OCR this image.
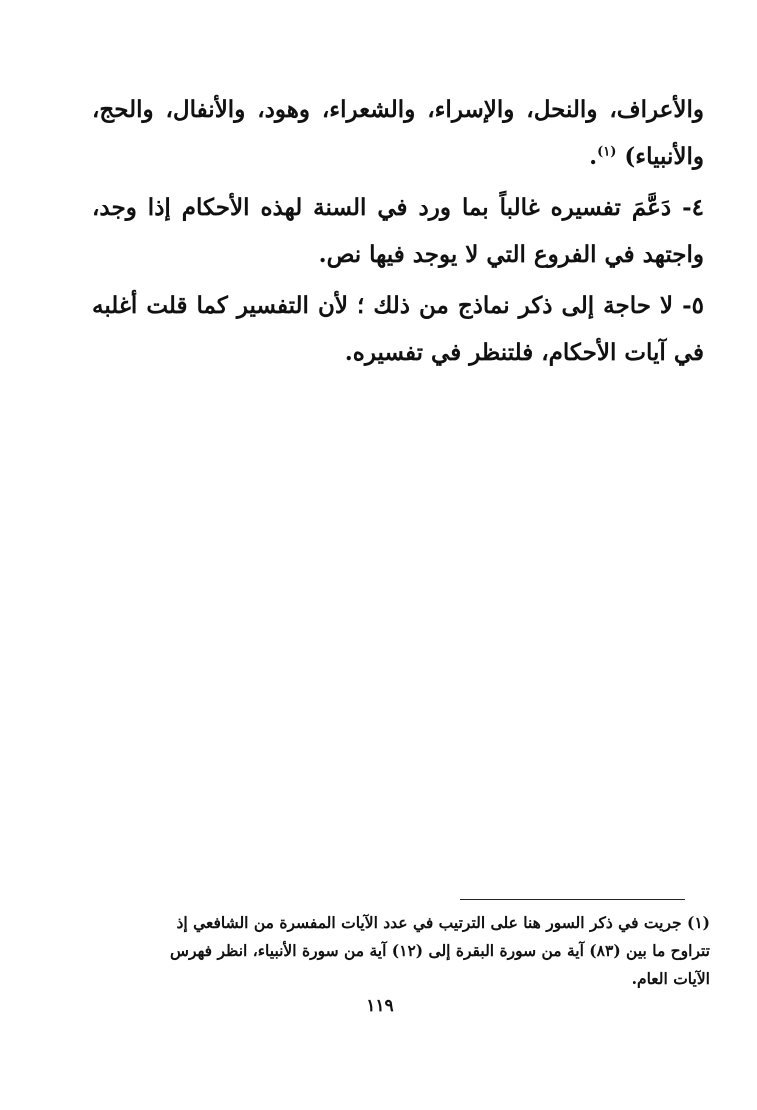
والأعراف، والنحل، والإسراء، والشعراء، وهود، والأنفال، والحج، والأنبياء) $^{(١)}$.

٤- دَعَّمَ تفسيره غالباً بما ورد في السنة لهذه الأحكام إذا وجد، واجتهد في الفروع التي لا يوجد فيها نص.

٥- لا حاجة إلى ذكر نماذج من ذلك ؛ لأن التفسير كما قلت أغلبه في آيات الأحكام، فلتنظر في تفسيره.

(١) جريت في ذكر السور هنا على الترتيب في عدد الآيات المفسرة من الشافعي إذ تتراوح ما بين (٨٣) آية من سورة البقرة إلى (١٢) آية من سورة الأنبياء، انظر فهرس الآيات العام.
١١٩
